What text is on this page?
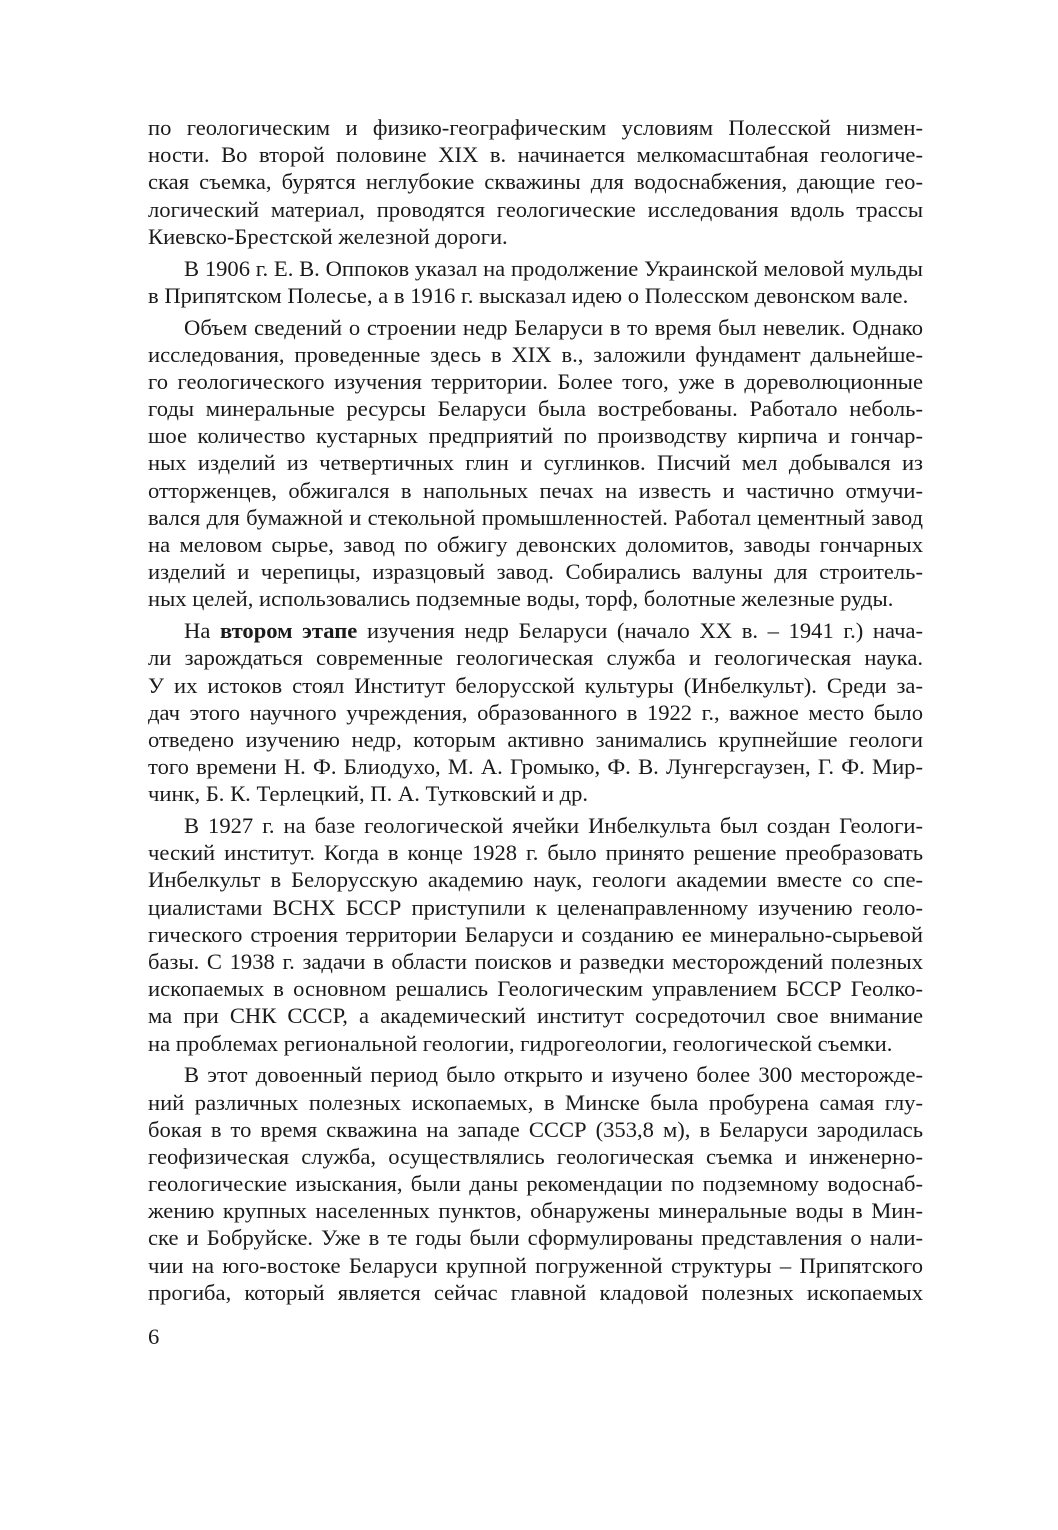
по геологическим и физико-географическим условиям Полесской низмен-
ности. Во второй половине XIX в. начинается мелкомасштабная геологиче-
ская съемка, бурятся неглубокие скважины для водоснабжения, дающие гео-
логический материал, проводятся геологические исследования вдоль трассы
Киевско-Брестской железной дороги.
В 1906 г. Е. В. Оппоков указал на продолжение Украинской меловой мульды
в Припятском Полесье, а в 1916 г. высказал идею о Полесском девонском вале.
Объем сведений о строении недр Беларуси в то время был невелик. Однако
исследования, проведенные здесь в XIX в., заложили фундамент дальнейше-
го геологического изучения территории. Более того, уже в дореволюционные
годы минеральные ресурсы Беларуси была востребованы. Работало неболь-
шое количество кустарных предприятий по производству кирпича и гончар-
ных изделий из четвертичных глин и суглинков. Писчий мел добывался из
отторженцев, обжигался в напольных печах на известь и частично отмучи-
вался для бумажной и стекольной промышленностей. Работал цементный завод
на меловом сырье, завод по обжигу девонских доломитов, заводы гончарных
изделий и черепицы, изразцовый завод. Собирались валуны для строитель-
ных целей, использовались подземные воды, торф, болотные железные руды.
На втором этапе изучения недр Беларуси (начало XX в. – 1941 г.) нача-
ли зарождаться современные геологическая служба и геологическая наука.
У их истоков стоял Институт белорусской культуры (Инбелкульт). Среди за-
дач этого научного учреждения, образованного в 1922 г., важное место было
отведено изучению недр, которым активно занимались крупнейшие геологи
того времени Н. Ф. Блиодухо, М. А. Громыко, Ф. В. Лунгерсгаузен, Г. Ф. Мир-
чинк, Б. К. Терлецкий, П. А. Тутковский и др.
В 1927 г. на базе геологической ячейки Инбелкульта был создан Геологи-
ческий институт. Когда в конце 1928 г. было принято решение преобразовать
Инбелкульт в Белорусскую академию наук, геологи академии вместе со спе-
циалистами ВСНХ БССР приступили к целенаправленному изучению геоло-
гического строения территории Беларуси и созданию ее минерально-сырьевой
базы. С 1938 г. задачи в области поисков и разведки месторождений полезных
ископаемых в основном решались Геологическим управлением БССР Геолко-
ма при СНК СССР, а академический институт сосредоточил свое внимание
на проблемах региональной геологии, гидрогеологии, геологической съемки.
В этот довоенный период было открыто и изучено более 300 месторожде-
ний различных полезных ископаемых, в Минске была пробурена самая глу-
бокая в то время скважина на западе СССР (353,8 м), в Беларуси зародилась
геофизическая служба, осуществлялись геологическая съемка и инженерно-
геологические изыскания, были даны рекомендации по подземному водоснаб-
жению крупных населенных пунктов, обнаружены минеральные воды в Мин-
ске и Бобруйске. Уже в те годы были сформулированы представления о нали-
чии на юго-востоке Беларуси крупной погруженной структуры – Припятского
прогиба, который является сейчас главной кладовой полезных ископаемых
6
